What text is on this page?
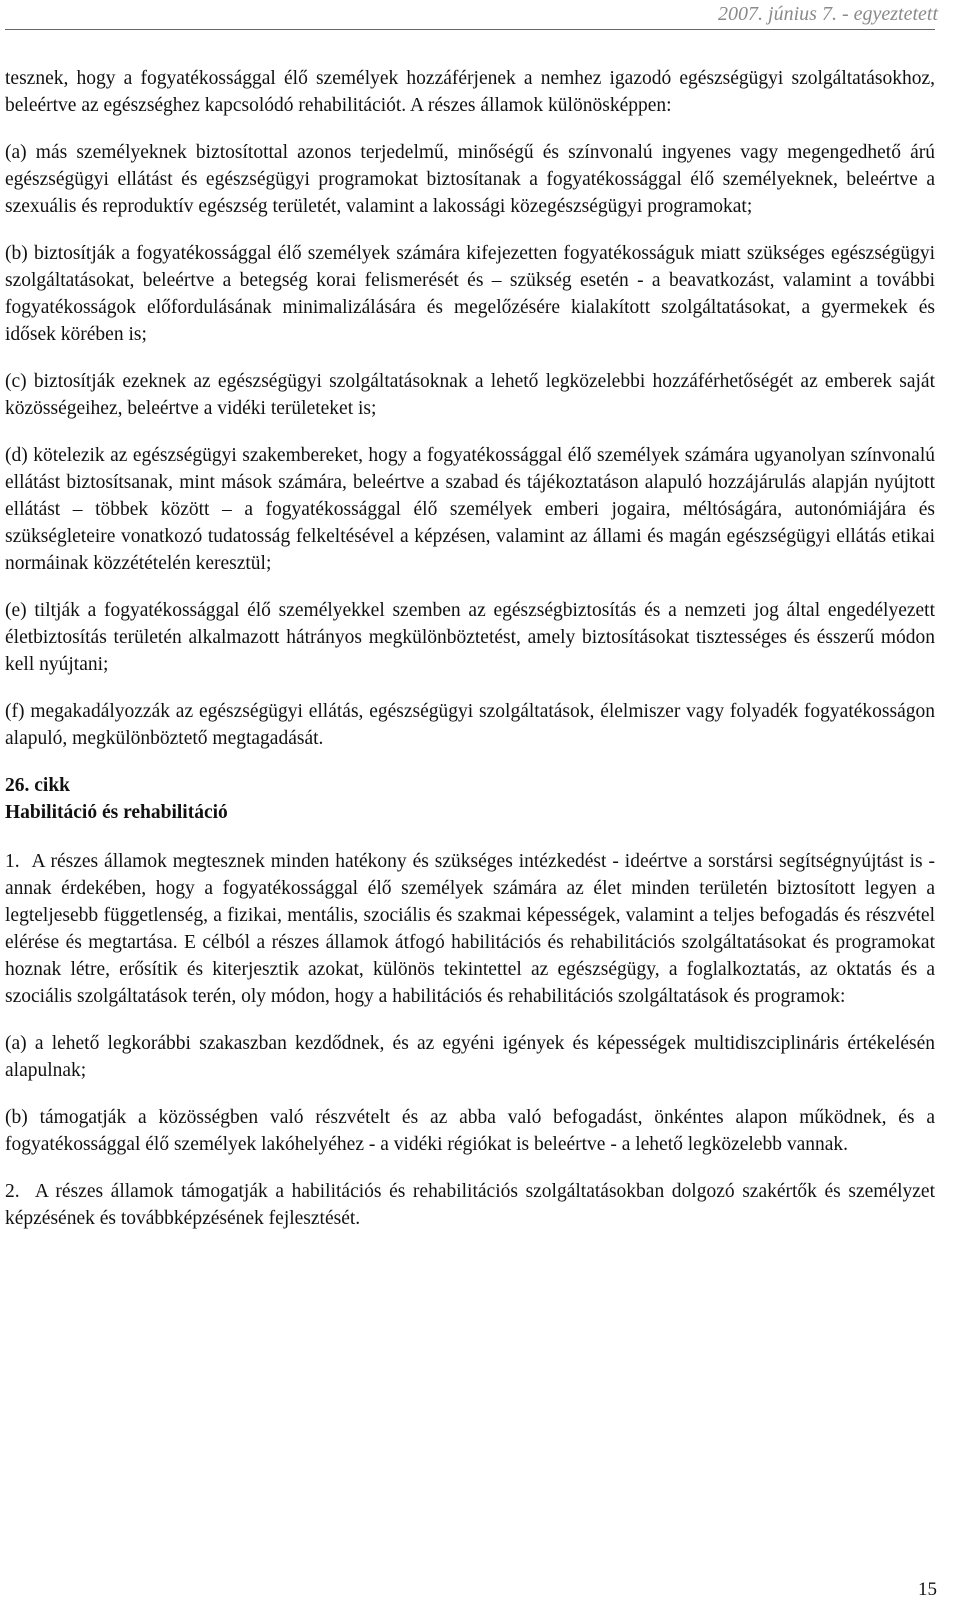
2007. június 7. - egyeztetett

tesznek, hogy a fogyatékossággal élő személyek hozzáférjenek a nemhez igazodó egészségügyi szolgáltatásokhoz, beleértve az egészséghez kapcsolódó rehabilitációt. A részes államok különösképpen:

(a) más személyeknek biztosítottal azonos terjedelmű, minőségű és színvonalú ingyenes vagy megengedhető árú egészségügyi ellátást és egészségügyi programokat biztosítanak a fogyatékossággal élő személyeknek, beleértve a szexuális és reproduktív egészség területét, valamint a lakossági közegészségügyi programokat;

(b) biztosítják a fogyatékossággal élő személyek számára kifejezetten fogyatékosságuk miatt szükséges egészségügyi szolgáltatásokat, beleértve a betegség korai felismerését és – szükség esetén - a beavatkozást, valamint a további fogyatékosságok előfordulásának minimalizálására és megelőzésére kialakított szolgáltatásokat, a gyermekek és idősek körében is;

(c) biztosítják ezeknek az egészségügyi szolgáltatásoknak a lehető legközelebbi hozzáférhetőségét az emberek saját közösségeihez, beleértve a vidéki területeket is;

(d) kötelezik az egészségügyi szakembereket, hogy a fogyatékossággal élő személyek számára ugyanolyan színvonalú ellátást biztosítsanak, mint mások számára, beleértve a szabad és tájékoztatáson alapuló hozzájárulás alapján nyújtott ellátást – többek között – a fogyatékossággal élő személyek emberi jogaira, méltóságára, autonómiájára és szükségleteire vonatkozó tudatosság felkeltésével a képzésen, valamint az állami és magán egészségügyi ellátás etikai normáinak közzétételén keresztül;

(e) tiltják a fogyatékossággal élő személyekkel szemben az egészségbiztosítás és a nemzeti jog által engedélyezett életbiztosítás területén alkalmazott hátrányos megkülönböztetést, amely biztosításokat tisztességes és ésszerű módon kell nyújtani;

(f) megakadályozzák az egészségügyi ellátás, egészségügyi szolgáltatások, élelmiszer vagy folyadék fogyatékosságon alapuló, megkülönböztető megtagadását.

26. cikk
Habilitáció és rehabilitáció

1. A részes államok megtesznek minden hatékony és szükséges intézkedést - ideértve a sorstársi segítségnyújtást is - annak érdekében, hogy a fogyatékossággal élő személyek számára az élet minden területén biztosított legyen a legteljesebb függetlenség, a fizikai, mentális, szociális és szakmai képességek, valamint a teljes befogadás és részvétel elérése és megtartása. E célból a részes államok átfogó habilitációs és rehabilitációs szolgáltatásokat és programokat hoznak létre, erősítik és kiterjesztik azokat, különös tekintettel az egészségügy, a foglalkoztatás, az oktatás és a szociális szolgáltatások terén, oly módon, hogy a habilitációs és rehabilitációs szolgáltatások és programok:

(a) a lehető legkorábbi szakaszban kezdődnek, és az egyéni igények és képességek multidiszciplináris értékelésén alapulnak;

(b) támogatják a közösségben való részvételt és az abba való befogadást, önkéntes alapon működnek, és a fogyatékossággal élő személyek lakóhelyéhez - a vidéki régiókat is beleértve - a lehető legközelebb vannak.

2. A részes államok támogatják a habilitációs és rehabilitációs szolgáltatásokban dolgozó szakértők és személyzet képzésének és továbbképzésének fejlesztését.

15
